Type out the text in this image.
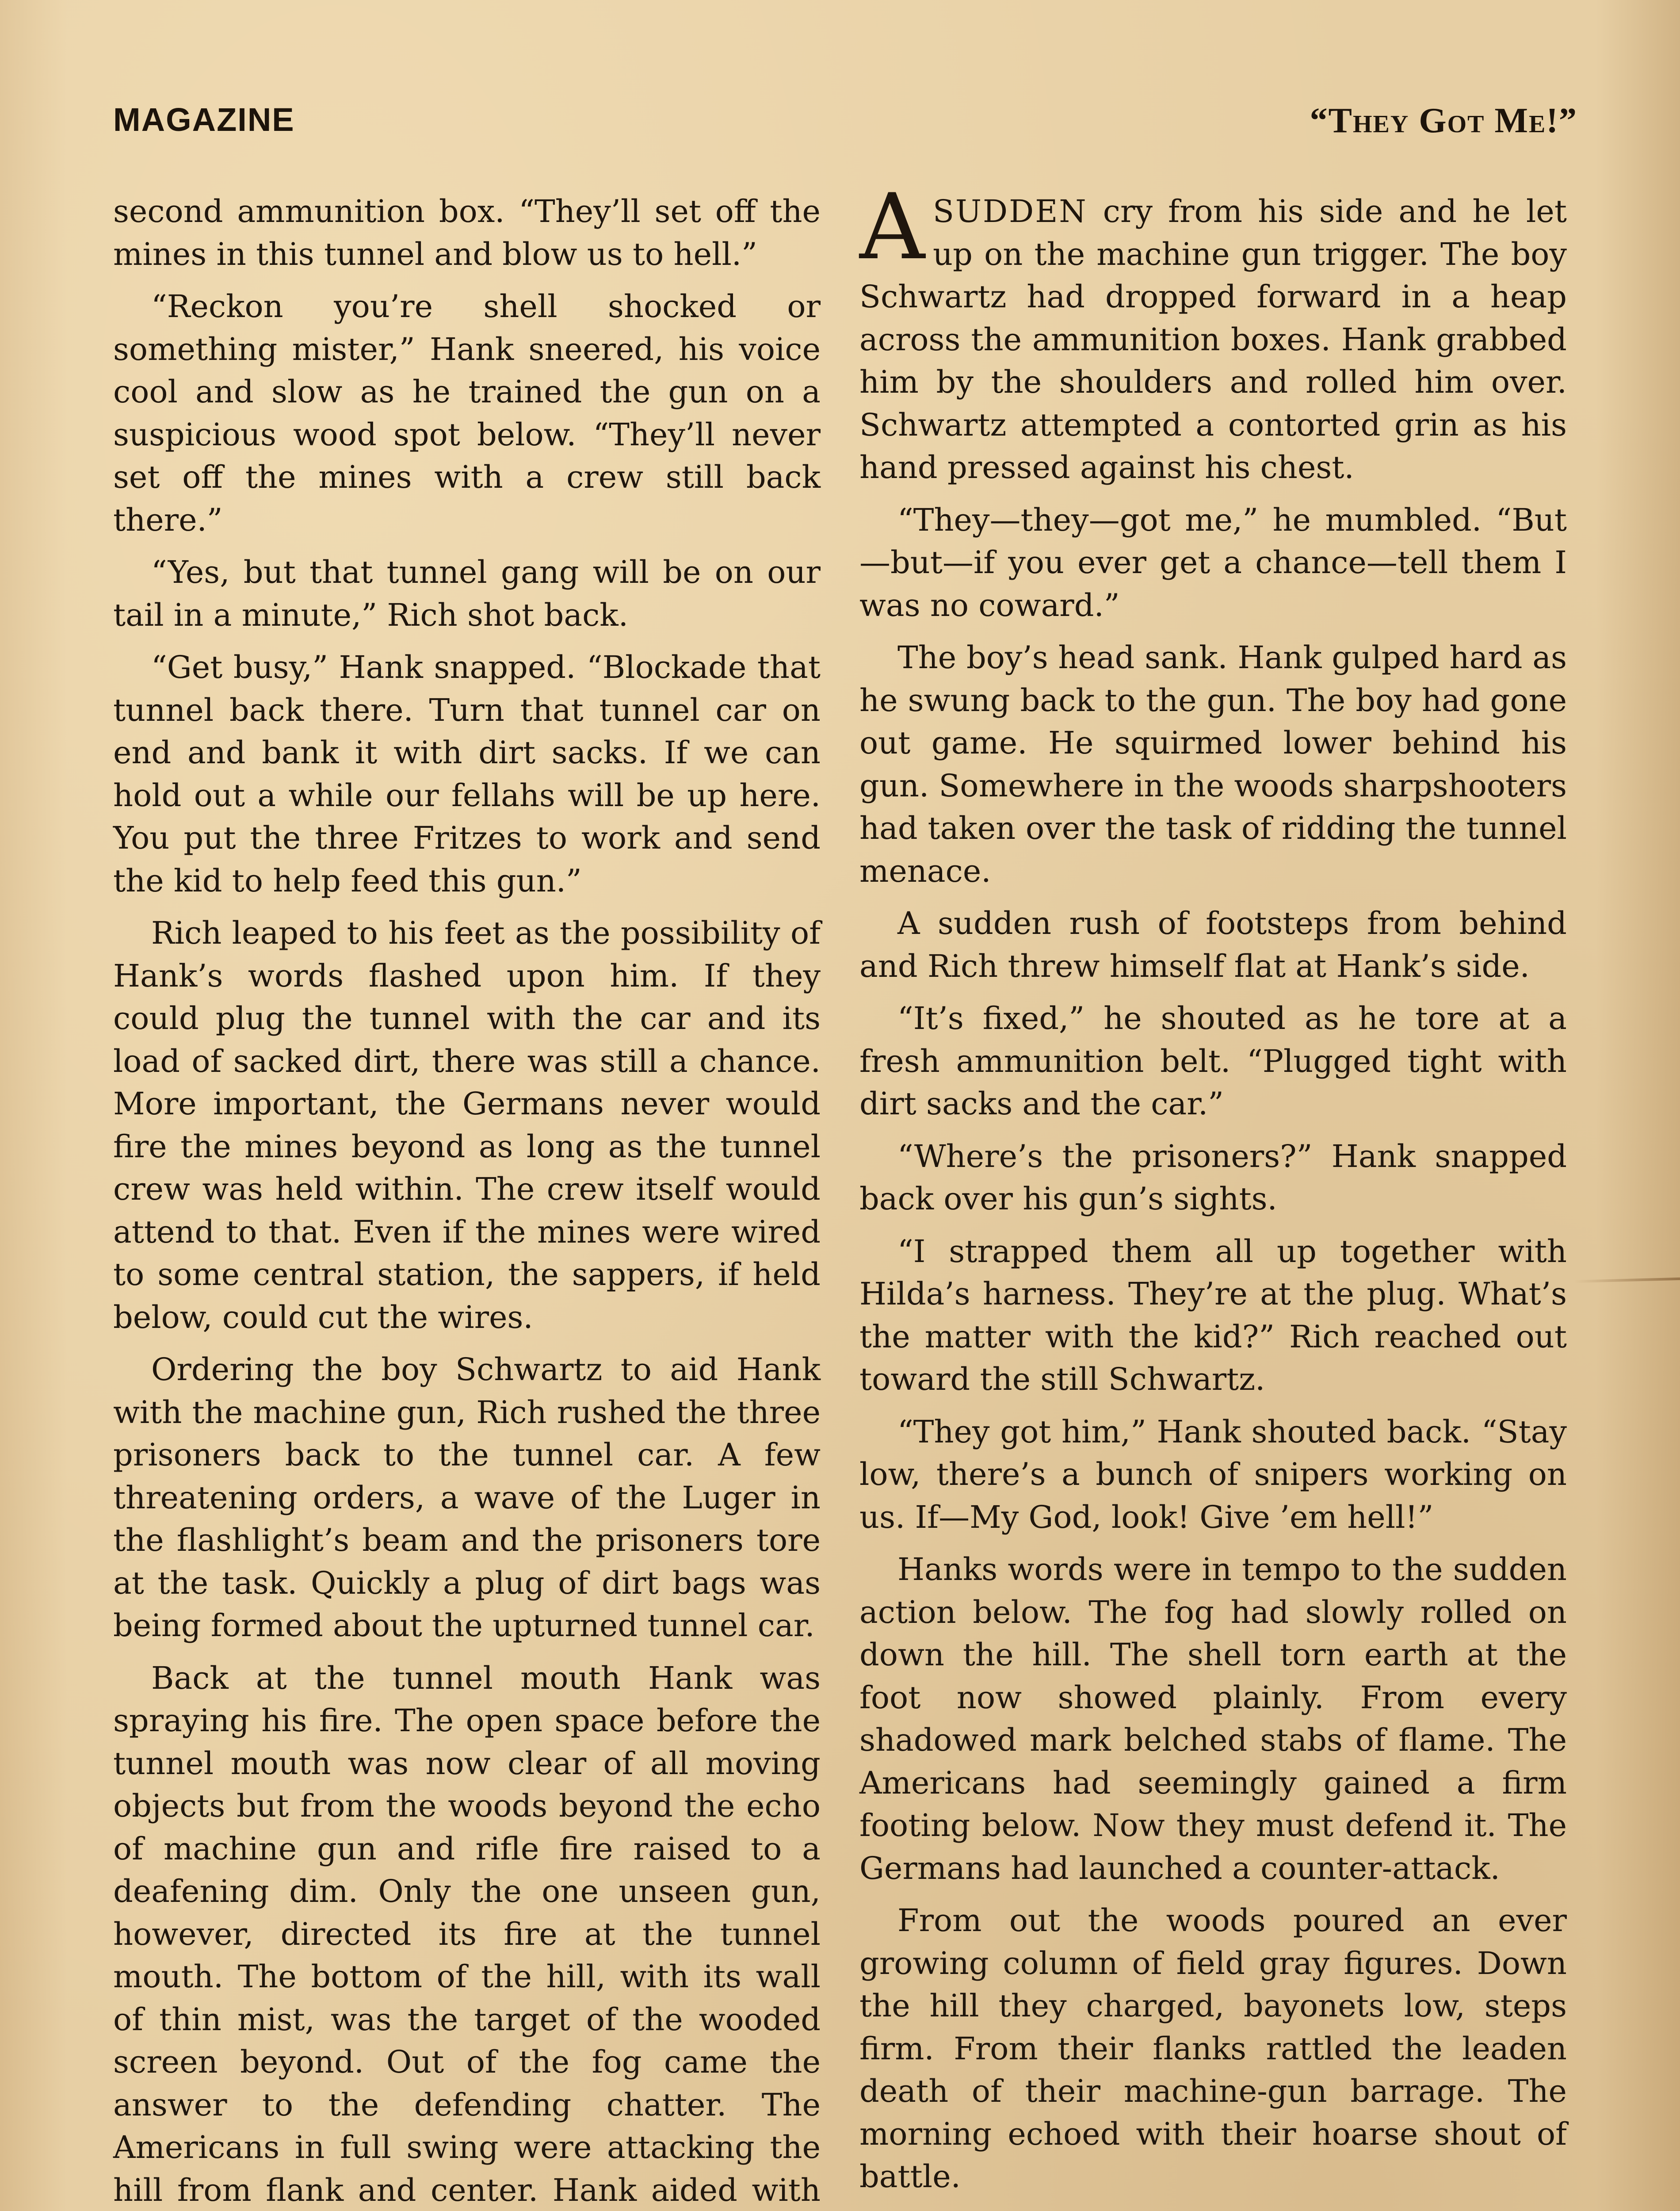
MAGAZINE	“They Got Me!”

second ammunition box. “They’ll set off the mines in this tunnel and blow us to hell.”

“Reckon you’re shell shocked or something mister,” Hank sneered, his voice cool and slow as he trained the gun on a suspicious wood spot below. “They’ll never set off the mines with a crew still back there.”

“Yes, but that tunnel gang will be on our tail in a minute,” Rich shot back.

“Get busy,” Hank snapped. “Blockade that tunnel back there. Turn that tunnel car on end and bank it with dirt sacks. If we can hold out a while our fellahs will be up here. You put the three Fritzes to work and send the kid to help feed this gun.”

Rich leaped to his feet as the possibility of Hank’s words flashed upon him. If they could plug the tunnel with the car and its load of sacked dirt, there was still a chance. More important, the Germans never would fire the mines beyond as long as the tunnel crew was held within. The crew itself would attend to that. Even if the mines were wired to some central station, the sappers, if held below, could cut the wires.

Ordering the boy Schwartz to aid Hank with the machine gun, Rich rushed the three prisoners back to the tunnel car. A few threatening orders, a wave of the Luger in the flashlight’s beam and the prisoners tore at the task. Quickly a plug of dirt bags was being formed about the upturned tunnel car.

Back at the tunnel mouth Hank was spraying his fire. The open space before the tunnel mouth was now clear of all moving objects but from the woods beyond the echo of machine gun and rifle fire raised to a deafening dim. Only the one unseen gun, however, directed its fire at the tunnel mouth. The bottom of the hill, with its wall of thin mist, was the target of the wooded screen beyond. Out of the fog came the answer to the defending chatter. The Americans in full swing were attacking the hill from flank and center. Hank aided with

ASUDDEN cry from his side and he let up on the machine gun trigger. The boy Schwartz had dropped forward in a heap across the ammunition boxes. Hank grabbed him by the shoulders and rolled him over. Schwartz attempted a contorted grin as his hand pressed against his chest.

“They—they—got me,” he mumbled. “But—but—if you ever get a chance—tell them I was no coward.”

The boy’s head sank. Hank gulped hard as he swung back to the gun. The boy had gone out game. He squirmed lower behind his gun. Somewhere in the woods sharpshooters had taken over the task of ridding the tunnel menace.

A sudden rush of footsteps from behind and Rich threw himself flat at Hank’s side.

“It’s fixed,” he shouted as he tore at a fresh ammunition belt. “Plugged tight with dirt sacks and the car.”

“Where’s the prisoners?” Hank snapped back over his gun’s sights.

“I strapped them all up together with Hilda’s harness. They’re at the plug. What’s the matter with the kid?” Rich reached out toward the still Schwartz.

“They got him,” Hank shouted back. “Stay low, there’s a bunch of snipers working on us. If—My God, look! Give ’em hell!”

Hanks words were in tempo to the sudden action below. The fog had slowly rolled on down the hill. The shell torn earth at the foot now showed plainly. From every shadowed mark belched stabs of flame. The Americans had seemingly gained a firm footing below. Now they must defend it. The Germans had launched a counter-attack.

From out the woods poured an ever growing column of field gray figures. Down the hill they charged, bayonets low, steps firm. From their flanks rattled the leaden death of their machine-gun barrage. The morning echoed with their hoarse shout of battle.
